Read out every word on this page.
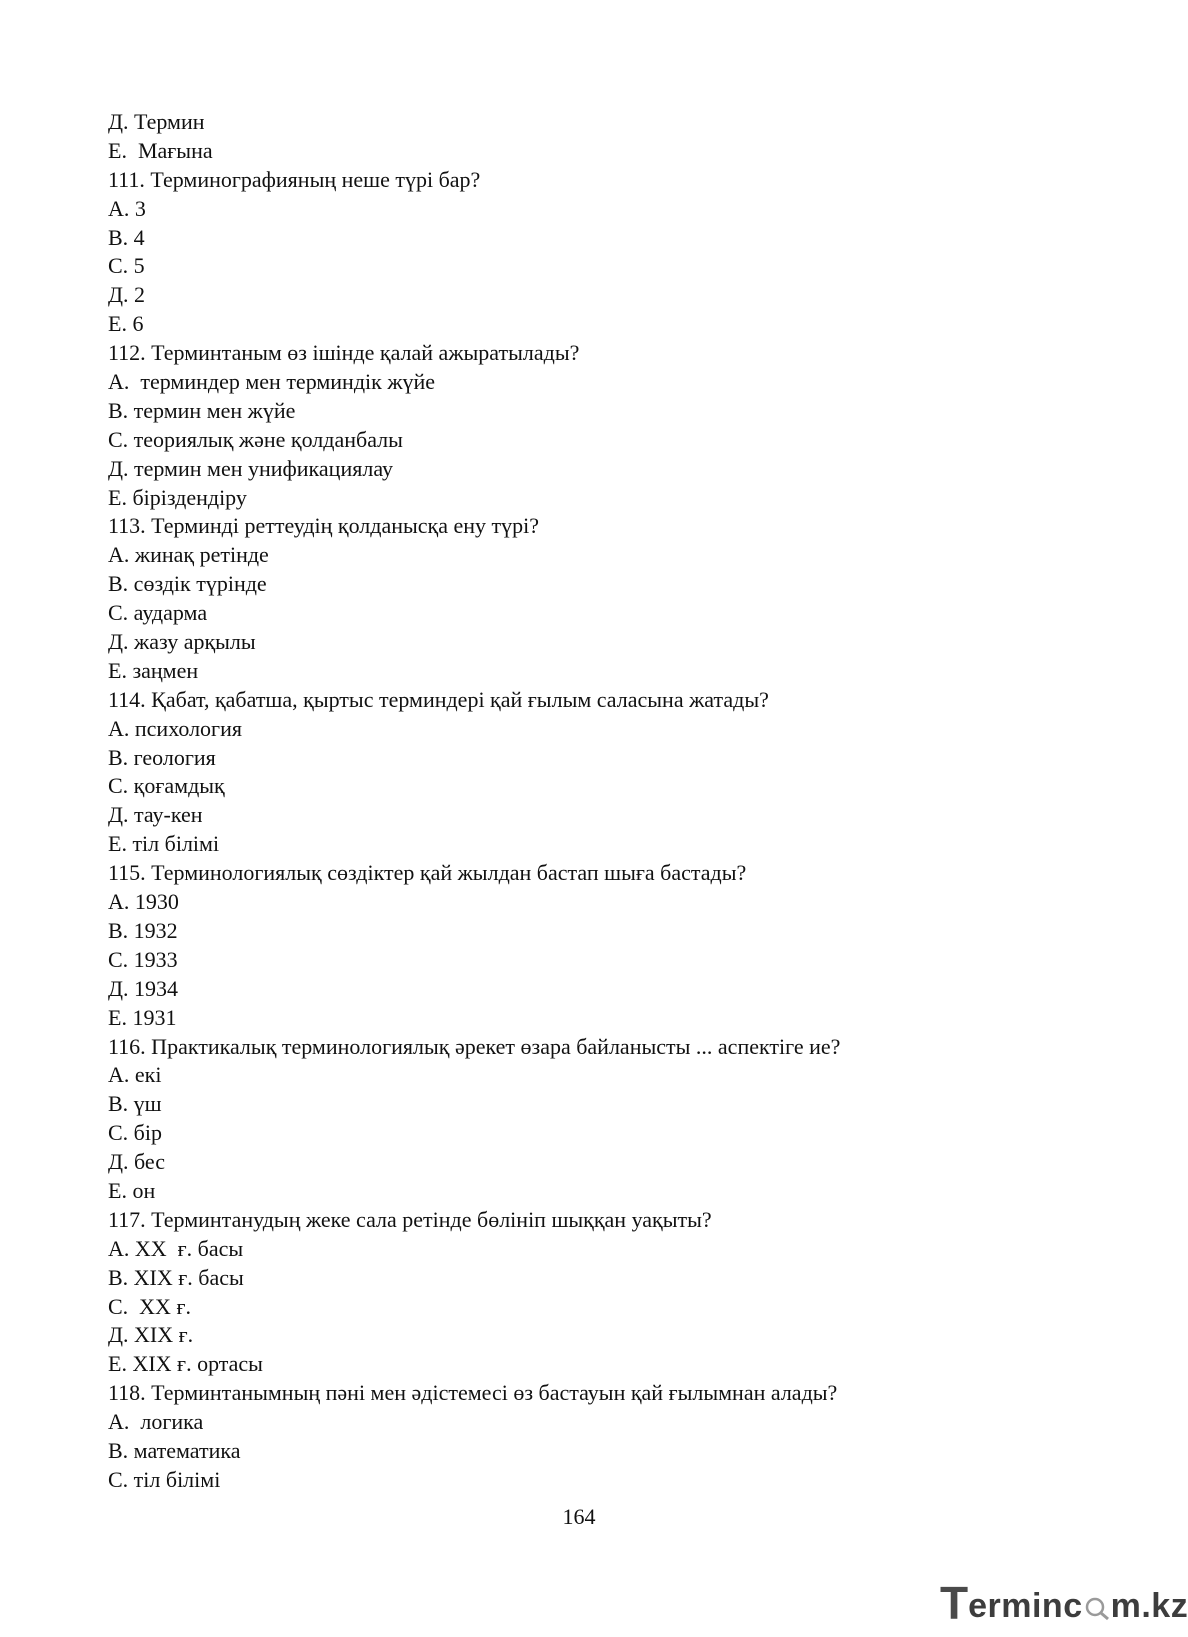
Д. Термин
Е.  Мағына
111. Терминографияның неше түрі бар?
А. 3
В. 4
С. 5
Д. 2
Е. 6
112. Терминтаным өз ішінде қалай ажыратылады?
А.  терминдер мен терминдік жүйе
В. термин мен жүйе
С. теориялық және қолданбалы
Д. термин мен унификациялау
Е. біріздендіру
113. Терминді реттеудің қолданысқа ену түрі?
А. жинақ ретінде
В. сөздік түрінде
С. аударма
Д. жазу арқылы
Е. заңмен
114. Қабат, қабатша, қыртыс терминдері қай ғылым саласына жатады?
А. психология
В. геология
С. қоғамдық
Д. тау-кен
Е. тіл білімі
115. Терминологиялық сөздіктер қай жылдан бастап шыға бастады?
А. 1930
В. 1932
С. 1933
Д. 1934
Е. 1931
116. Практикалық терминологиялық әрекет өзара байланысты ... аспектіге ие?
А. екі
В. үш
С. бір
Д. бес
Е. он
117. Терминтанудың жеке сала ретінде бөлініп шыққан уақыты?
А. ХХ  ғ. басы
В. ХІХ ғ. басы
С.  ХХ ғ.
Д. ХІХ ғ.
Е. ХІХ ғ. ортасы
118. Терминтанымның пәні мен әдістемесі өз бастауын қай ғылымнан алады?
А.  логика
В. математика
С. тіл білімі
164
T erminc m.kz
